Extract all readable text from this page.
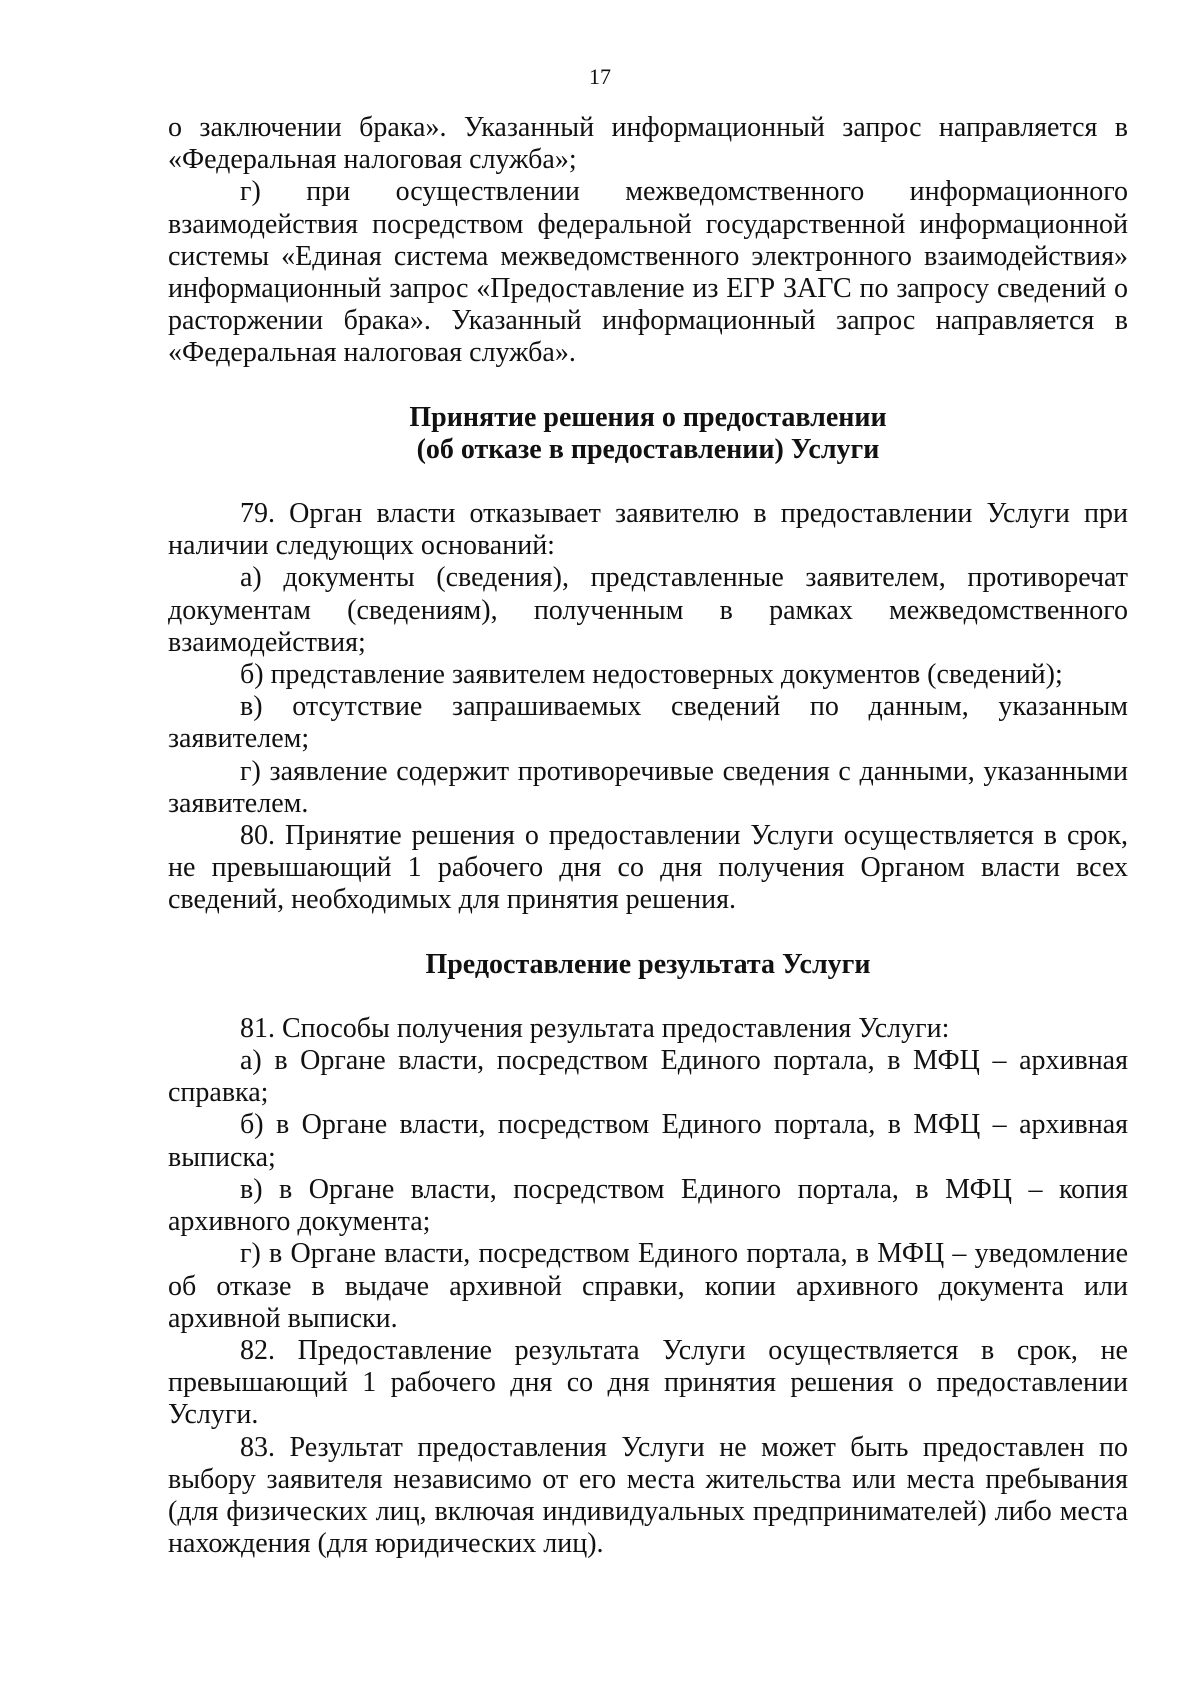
17

о заключении брака». Указанный информационный запрос направляется в «Федеральная налоговая служба»;

г) при осуществлении межведомственного информационного взаимодействия посредством федеральной государственной информационной системы «Единая система межведомственного электронного взаимодействия» информационный запрос «Предоставление из ЕГР ЗАГС по запросу сведений о расторжении брака». Указанный информационный запрос направляется в «Федеральная налоговая служба».

Принятие решения о предоставлении
(об отказе в предоставлении) Услуги

79. Орган власти отказывает заявителю в предоставлении Услуги при наличии следующих оснований:

а) документы (сведения), представленные заявителем, противоречат документам (сведениям), полученным в рамках межведомственного взаимодействия;

б) представление заявителем недостоверных документов (сведений);

в) отсутствие запрашиваемых сведений по данным, указанным заявителем;

г) заявление содержит противоречивые сведения с данными, указанными заявителем.

80. Принятие решения о предоставлении Услуги осуществляется в срок, не превышающий 1 рабочего дня со дня получения Органом власти всех сведений, необходимых для принятия решения.

Предоставление результата Услуги

81. Способы получения результата предоставления Услуги:

а) в Органе власти, посредством Единого портала, в МФЦ – архивная справка;

б) в Органе власти, посредством Единого портала, в МФЦ – архивная выписка;

в) в Органе власти, посредством Единого портала, в МФЦ – копия архивного документа;

г) в Органе власти, посредством Единого портала, в МФЦ – уведомление об отказе в выдаче архивной справки, копии архивного документа или архивной выписки.

82. Предоставление результата Услуги осуществляется в срок, не превышающий 1 рабочего дня со дня принятия решения о предоставлении Услуги.

83. Результат предоставления Услуги не может быть предоставлен по выбору заявителя независимо от его места жительства или места пребывания (для физических лиц, включая индивидуальных предпринимателей) либо места нахождения (для юридических лиц).
